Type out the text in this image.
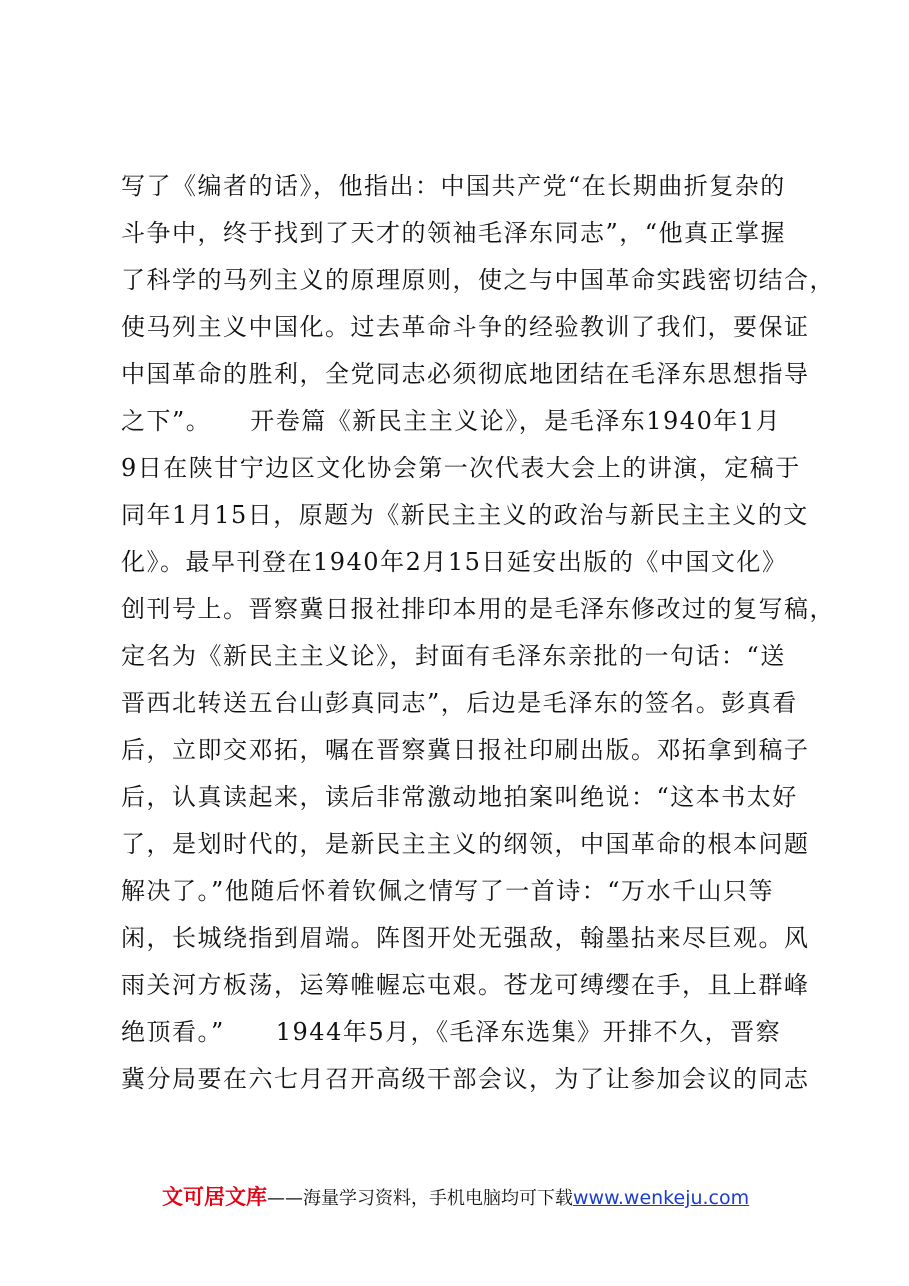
写了《编者的话》，他指出：中国共产党“在长期曲折复杂的
斗争中，终于找到了天才的领袖毛泽东同志”，“他真正掌握
了科学的马列主义的原理原则，使之与中国革命实践密切结合，
使马列主义中国化。过去革命斗争的经验教训了我们，要保证
中国革命的胜利，全党同志必须彻底地团结在毛泽东思想指导
之下”。　　开卷篇《新民主主义论》，是毛泽东1940年1月
9日在陕甘宁边区文化协会第一次代表大会上的讲演，定稿于
同年1月15日，原题为《新民主主义的政治与新民主主义的文
化》。最早刊登在1940年2月15日延安出版的《中国文化》
创刊号上。晋察冀日报社排印本用的是毛泽东修改过的复写稿，
定名为《新民主主义论》，封面有毛泽东亲批的一句话：“送
晋西北转送五台山彭真同志”，后边是毛泽东的签名。彭真看
后，立即交邓拓，嘱在晋察冀日报社印刷出版。邓拓拿到稿子
后，认真读起来，读后非常激动地拍案叫绝说：“这本书太好
了，是划时代的，是新民主主义的纲领，中国革命的根本问题
解决了。”他随后怀着钦佩之情写了一首诗：“万水千山只等
闲，长城绕指到眉端。阵图开处无强敌，翰墨拈来尽巨观。风
雨关河方板荡，运筹帷幄忘屯艰。苍龙可缚缨在手，且上群峰
绝顶看。”　　1944年5月，《毛泽东选集》开排不久，晋察
冀分局要在六七月召开高级干部会议，为了让参加会议的同志
文可居文库——海量学习资料，手机电脑均可下载www.wenkeju.com
